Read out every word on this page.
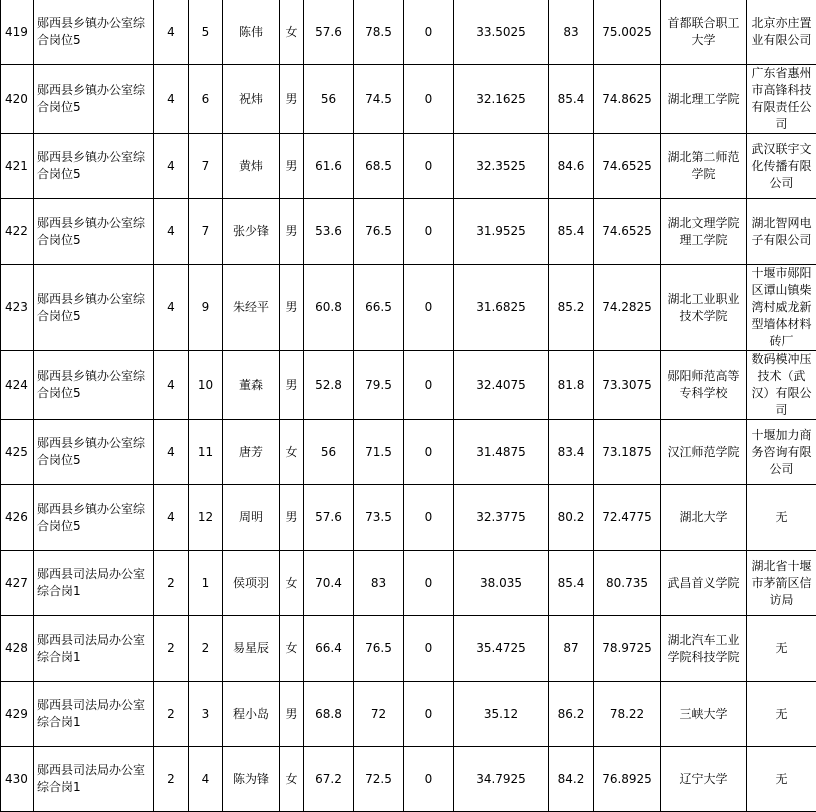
419	郧西县乡镇办公室综合岗位5	4	5	陈伟	女	57.6	78.5	0	33.5025	83	75.0025	首都联合职工大学	北京亦庄置业有限公司
420	郧西县乡镇办公室综合岗位5	4	6	祝炜	男	56	74.5	0	32.1625	85.4	74.8625	湖北理工学院	广东省惠州市高锋科技有限责任公司
421	郧西县乡镇办公室综合岗位5	4	7	黄炜	男	61.6	68.5	0	32.3525	84.6	74.6525	湖北第二师范学院	武汉联宇文化传播有限公司
422	郧西县乡镇办公室综合岗位5	4	7	张少锋	男	53.6	76.5	0	31.9525	85.4	74.6525	湖北文理学院理工学院	湖北智网电子有限公司
423	郧西县乡镇办公室综合岗位5	4	9	朱经平	男	60.8	66.5	0	31.6825	85.2	74.2825	湖北工业职业技术学院	十堰市郧阳区谭山镇柴湾村威龙新型墙体材料砖厂
424	郧西县乡镇办公室综合岗位5	4	10	董森	男	52.8	79.5	0	32.4075	81.8	73.3075	郧阳师范高等专科学校	数码模冲压技术（武汉）有限公司
425	郧西县乡镇办公室综合岗位5	4	11	唐芳	女	56	71.5	0	31.4875	83.4	73.1875	汉江师范学院	十堰加力商务咨询有限公司
426	郧西县乡镇办公室综合岗位5	4	12	周明	男	57.6	73.5	0	32.3775	80.2	72.4775	湖北大学	无
427	郧西县司法局办公室综合岗1	2	1	侯项羽	女	70.4	83	0	38.035	85.4	80.735	武昌首义学院	湖北省十堰市茅箭区信访局
428	郧西县司法局办公室综合岗1	2	2	易星辰	女	66.4	76.5	0	35.4725	87	78.9725	湖北汽车工业学院科技学院	无
429	郧西县司法局办公室综合岗1	2	3	程小岛	男	68.8	72	0	35.12	86.2	78.22	三峡大学	无
430	郧西县司法局办公室综合岗1	2	4	陈为锋	女	67.2	72.5	0	34.7925	84.2	76.8925	辽宁大学	无
